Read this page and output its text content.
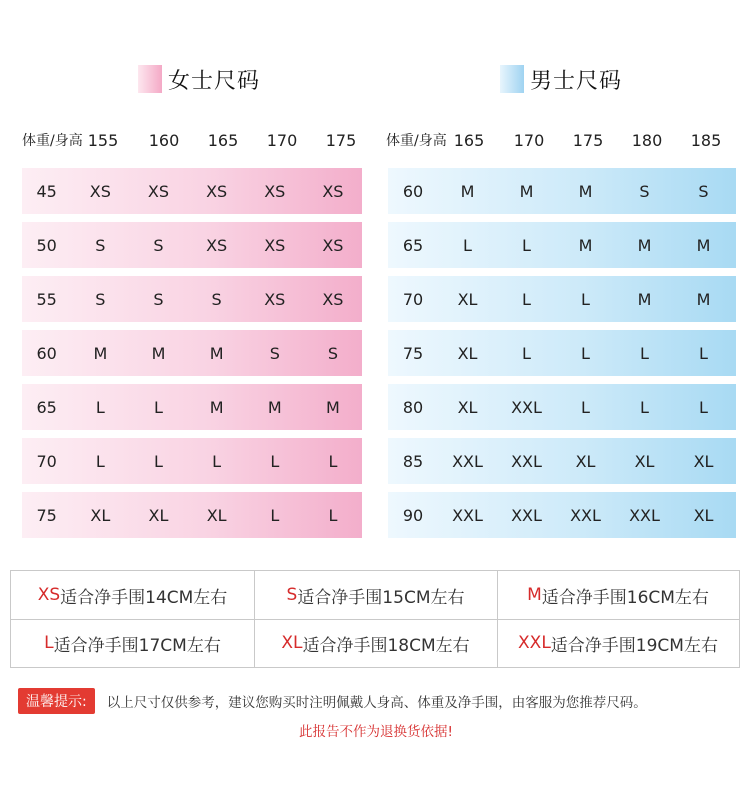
女士尺码	男士尺码
体重/身高 155	160	165	170	175	体重/身高 165	170	175	180	185
45	XS	XS	XS	XS	XS
50	S	S	XS	XS	XS
55	S	S	S	XS	XS
60	M	M	M	S	S
65	L	L	M	M	M
70	L	L	L	L	L
75	XL	XL	XL	L	L
60	M	M	M	S	S
65	L	L	M	M	M
70	XL	L	L	M	M
75	XL	L	L	L	L
80	XL	XXL	L	L	L
85	XXL	XXL	XL	XL	XL
90	XXL	XXL	XXL	XXL	XL
XS 适合净手围14CM左右	S 适合净手围15CM左右	M 适合净手围16CM左右
L 适合净手围17CM左右	XL 适合净手围18CM左右	XXL 适合净手围19CM左右
温馨提示:	以上尺寸仅供参考，建议您购买时注明佩戴人身高、体重及净手围，由客服为您推荐尺码。
此报告不作为退换货依据!
